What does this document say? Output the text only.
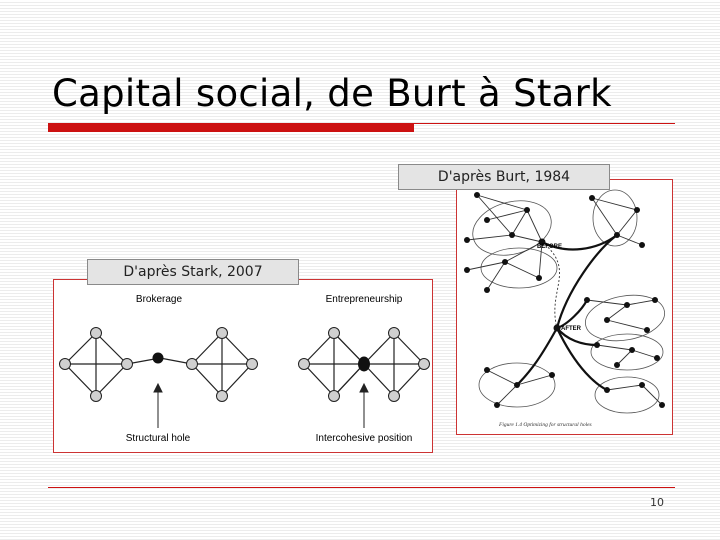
Capital social, de Burt à Stark
BEFORE
AFTER
Figure 1.4 Optimizing for structural holes
D'après Burt, 1984
Brokerage	Entrepreneurship
Structural hole	Intercohesive position
D'après Stark, 2007
10
